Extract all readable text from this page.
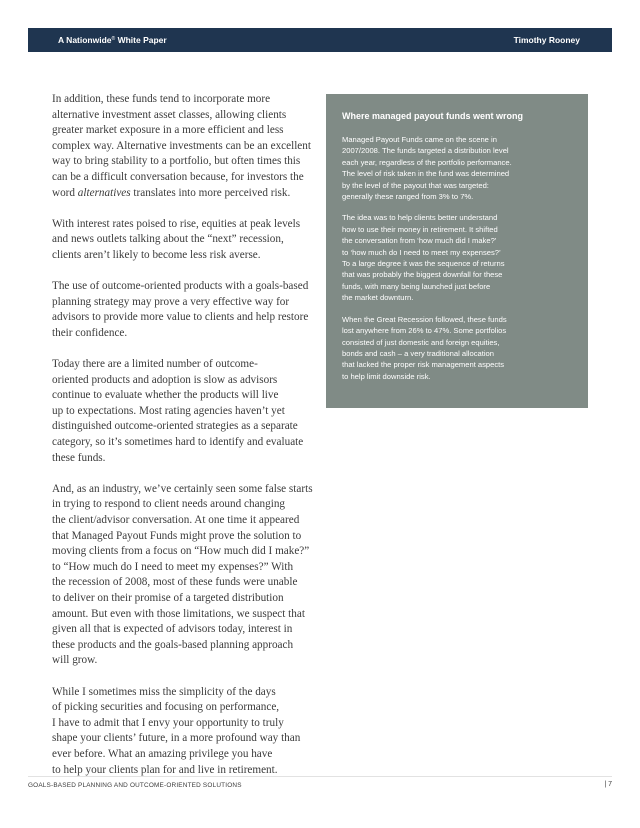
A Nationwide® White Paper	Timothy Rooney

In addition, these funds tend to incorporate more
alternative investment asset classes, allowing clients
greater market exposure in a more efficient and less
complex way. Alternative investments can be an excellent
way to bring stability to a portfolio, but often times this
can be a difficult conversation because, for investors the
word alternatives translates into more perceived risk.

With interest rates poised to rise, equities at peak levels
and news outlets talking about the “next” recession,
clients aren’t likely to become less risk averse.

The use of outcome-oriented products with a goals-based
planning strategy may prove a very effective way for
advisors to provide more value to clients and help restore
their confidence.

Today there are a limited number of outcome-
oriented products and adoption is slow as advisors
continue to evaluate whether the products will live
up to expectations. Most rating agencies haven’t yet
distinguished outcome-oriented strategies as a separate
category, so it’s sometimes hard to identify and evaluate
these funds.

And, as an industry, we’ve certainly seen some false starts
in trying to respond to client needs around changing
the client/advisor conversation. At one time it appeared
that Managed Payout Funds might prove the solution to
moving clients from a focus on “How much did I make?”
to “How much do I need to meet my expenses?” With
the recession of 2008, most of these funds were unable
to deliver on their promise of a targeted distribution
amount. But even with those limitations, we suspect that
given all that is expected of advisors today, interest in
these products and the goals-based planning approach
will grow.

While I sometimes miss the simplicity of the days
of picking securities and focusing on performance,
I have to admit that I envy your opportunity to truly
shape your clients’ future, in a more profound way than
ever before. What an amazing privilege you have
to help your clients plan for and live in retirement.

Where managed payout funds went wrong

Managed Payout Funds came on the scene in
2007/2008. The funds targeted a distribution level
each year, regardless of the portfolio performance.
The level of risk taken in the fund was determined
by the level of the payout that was targeted:
generally these ranged from 3% to 7%.

The idea was to help clients better understand
how to use their money in retirement. It shifted
the conversation from ‘how much did I make?’
to ‘how much do I need to meet my expenses?’
To a large degree it was the sequence of returns
that was probably the biggest downfall for these
funds, with many being launched just before
the market downturn.

When the Great Recession followed, these funds
lost anywhere from 26% to 47%. Some portfolios
consisted of just domestic and foreign equities,
bonds and cash – a very traditional allocation
that lacked the proper risk management aspects
to help limit downside risk.

GOALS-BASED PLANNING AND OUTCOME-ORIENTED SOLUTIONS	| 7
